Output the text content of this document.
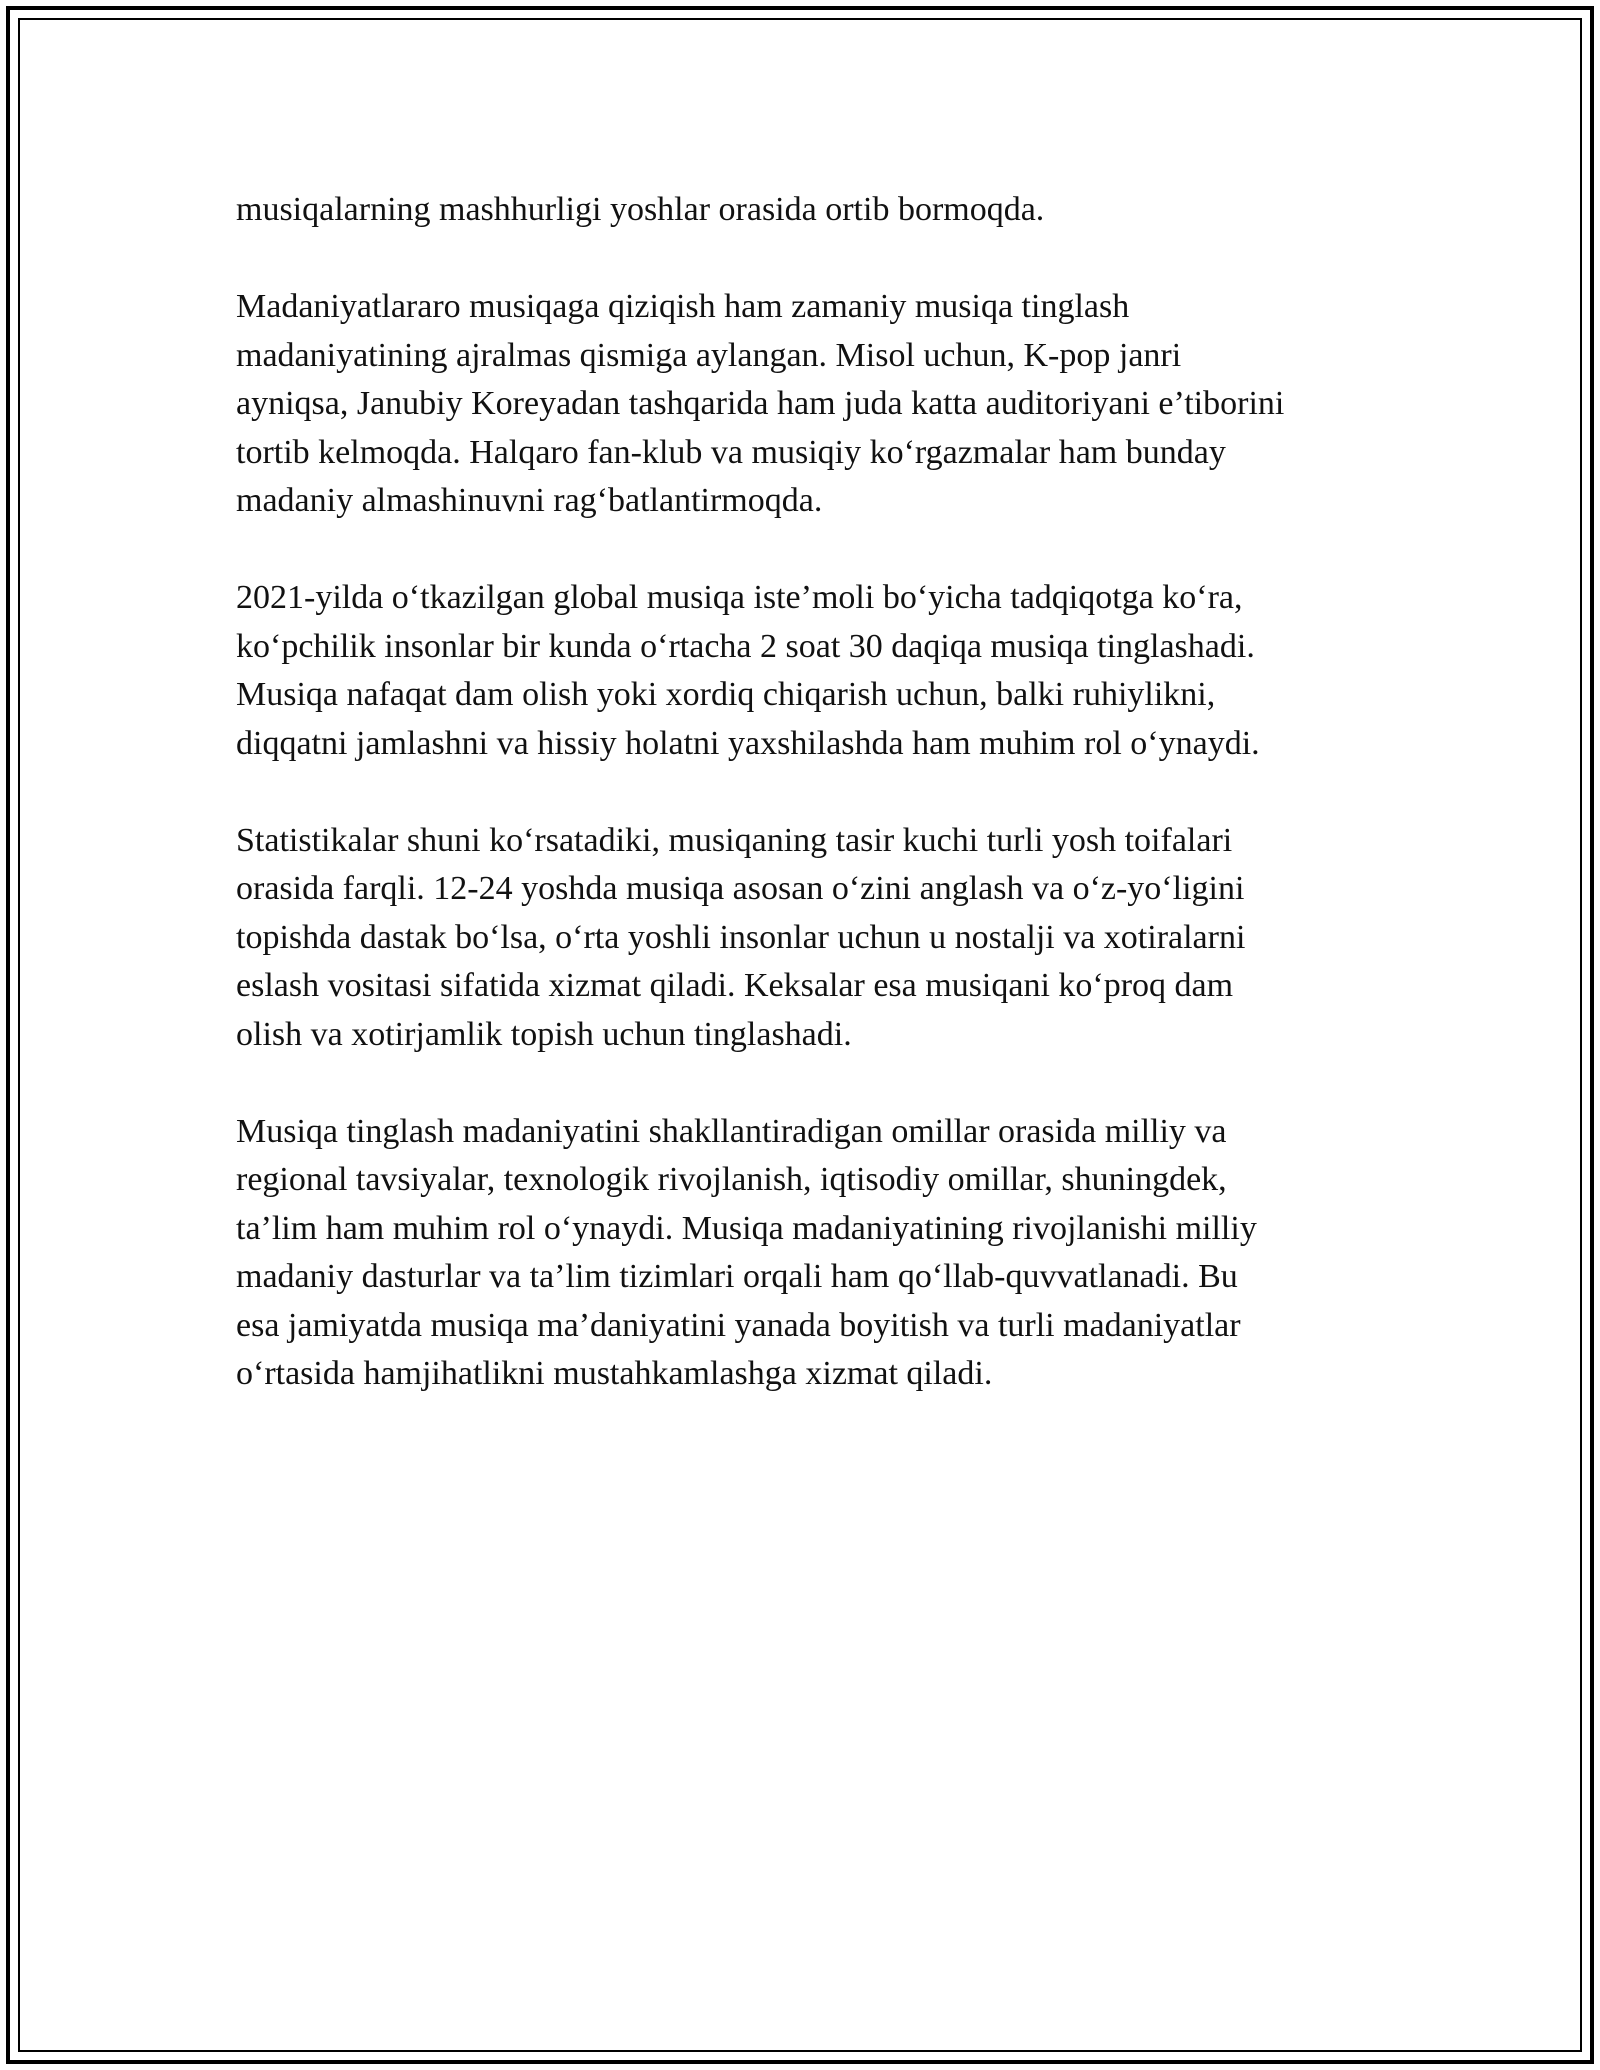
musiqalarning mashhurligi yoshlar orasida ortib bormoqda.

Madaniyatlararo musiqaga qiziqish ham zamaniy musiqa tinglash
madaniyatining ajralmas qismiga aylangan. Misol uchun, K-pop janri
ayniqsa, Janubiy Koreyadan tashqarida ham juda katta auditoriyani e’tiborini
tortib kelmoqda. Halqaro fan-klub va musiqiy ko‘rgazmalar ham bunday
madaniy almashinuvni rag‘batlantirmoqda.

2021-yilda o‘tkazilgan global musiqa iste’moli bo‘yicha tadqiqotga ko‘ra,
ko‘pchilik insonlar bir kunda o‘rtacha 2 soat 30 daqiqa musiqa tinglashadi.
Musiqa nafaqat dam olish yoki xordiq chiqarish uchun, balki ruhiylikni,
diqqatni jamlashni va hissiy holatni yaxshilashda ham muhim rol o‘ynaydi.

Statistikalar shuni ko‘rsatadiki, musiqaning tasir kuchi turli yosh toifalari
orasida farqli. 12-24 yoshda musiqa asosan o‘zini anglash va o‘z-yo‘ligini
topishda dastak bo‘lsa, o‘rta yoshli insonlar uchun u nostalji va xotiralarni
eslash vositasi sifatida xizmat qiladi. Keksalar esa musiqani ko‘proq dam
olish va xotirjamlik topish uchun tinglashadi.

Musiqa tinglash madaniyatini shakllantiradigan omillar orasida milliy va
regional tavsiyalar, texnologik rivojlanish, iqtisodiy omillar, shuningdek,
ta’lim ham muhim rol o‘ynaydi. Musiqa madaniyatining rivojlanishi milliy
madaniy dasturlar va ta’lim tizimlari orqali ham qo‘llab-quvvatlanadi. Bu
esa jamiyatda musiqa ma’daniyatini yanada boyitish va turli madaniyatlar
o‘rtasida hamjihatlikni mustahkamlashga xizmat qiladi.
